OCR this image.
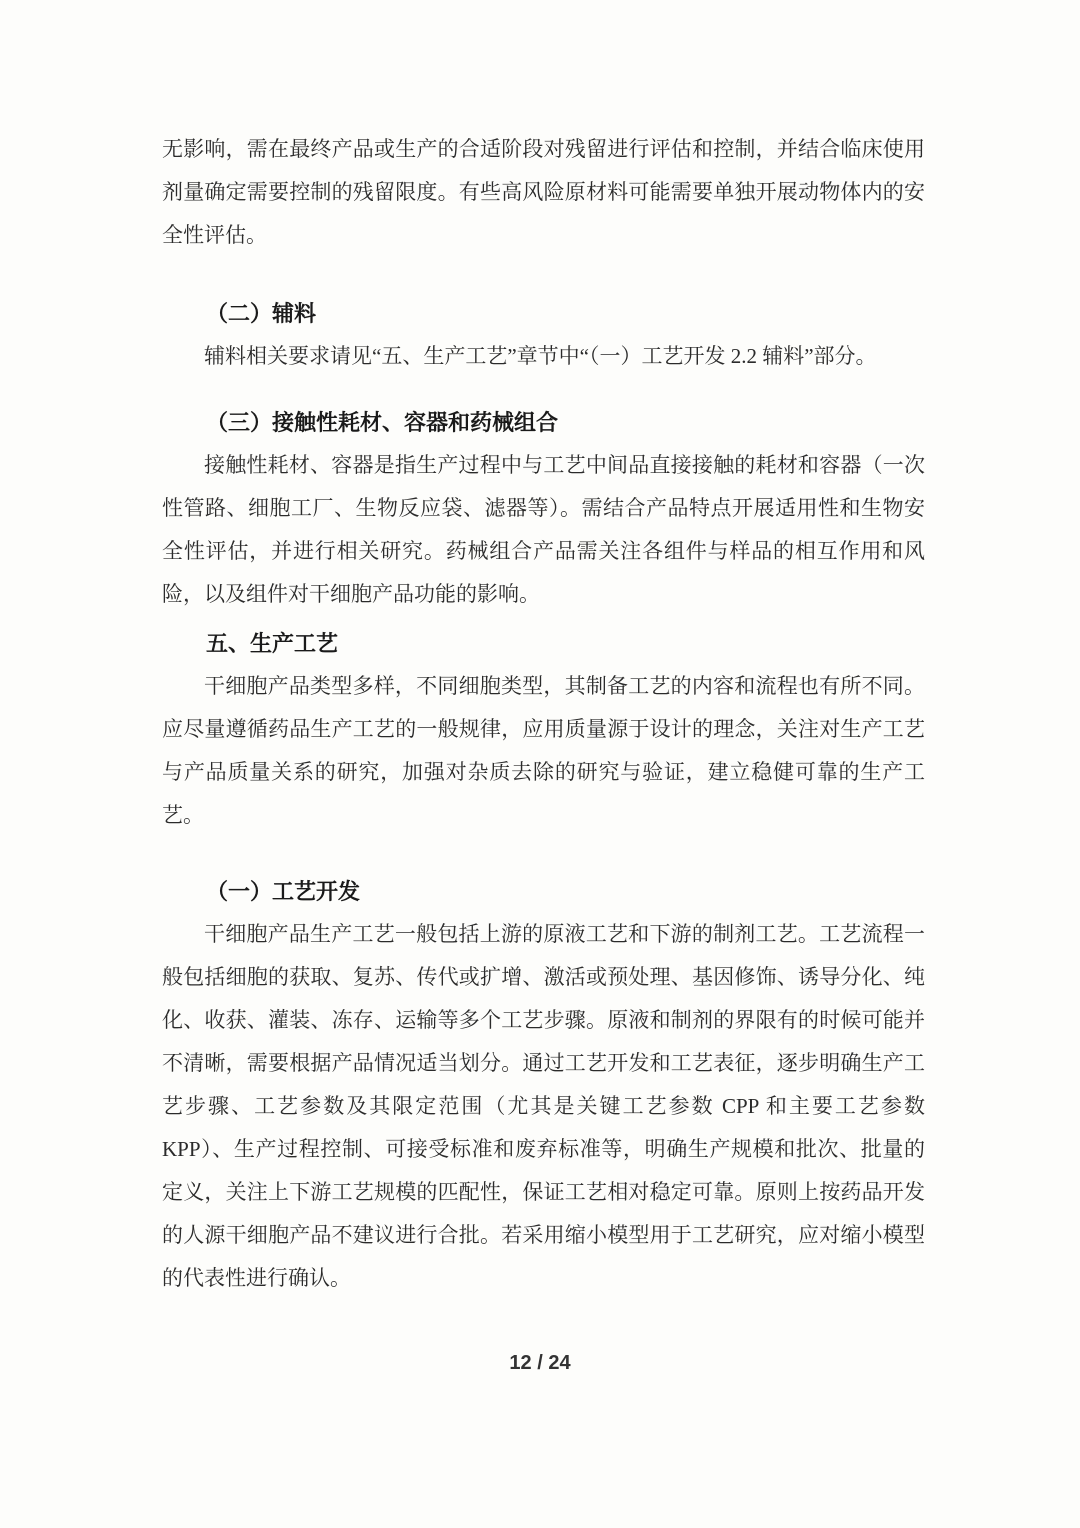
无影响，需在最终产品或生产的合适阶段对残留进行评估和控制，并结合临床使用剂量确定需要控制的残留限度。有些高风险原材料可能需要单独开展动物体内的安全性评估。

（二）辅料

辅料相关要求请见“五、生产工艺”章节中“（一）工艺开发 2.2 辅料”部分。

（三）接触性耗材、容器和药械组合

接触性耗材、容器是指生产过程中与工艺中间品直接接触的耗材和容器（一次性管路、细胞工厂、生物反应袋、滤器等）。需结合产品特点开展适用性和生物安全性评估，并进行相关研究。药械组合产品需关注各组件与样品的相互作用和风险，以及组件对干细胞产品功能的影响。

五、生产工艺

干细胞产品类型多样，不同细胞类型，其制备工艺的内容和流程也有所不同。应尽量遵循药品生产工艺的一般规律，应用质量源于设计的理念，关注对生产工艺与产品质量关系的研究，加强对杂质去除的研究与验证，建立稳健可靠的生产工艺。

（一）工艺开发

干细胞产品生产工艺一般包括上游的原液工艺和下游的制剂工艺。工艺流程一般包括细胞的获取、复苏、传代或扩增、激活或预处理、基因修饰、诱导分化、纯化、收获、灌装、冻存、运输等多个工艺步骤。原液和制剂的界限有的时候可能并不清晰，需要根据产品情况适当划分。通过工艺开发和工艺表征，逐步明确生产工艺步骤、工艺参数及其限定范围（尤其是关键工艺参数 CPP 和主要工艺参数 KPP）、生产过程控制、可接受标准和废弃标准等，明确生产规模和批次、批量的定义，关注上下游工艺规模的匹配性，保证工艺相对稳定可靠。原则上按药品开发的人源干细胞产品不建议进行合批。若采用缩小模型用于工艺研究，应对缩小模型的代表性进行确认。

12 / 24
